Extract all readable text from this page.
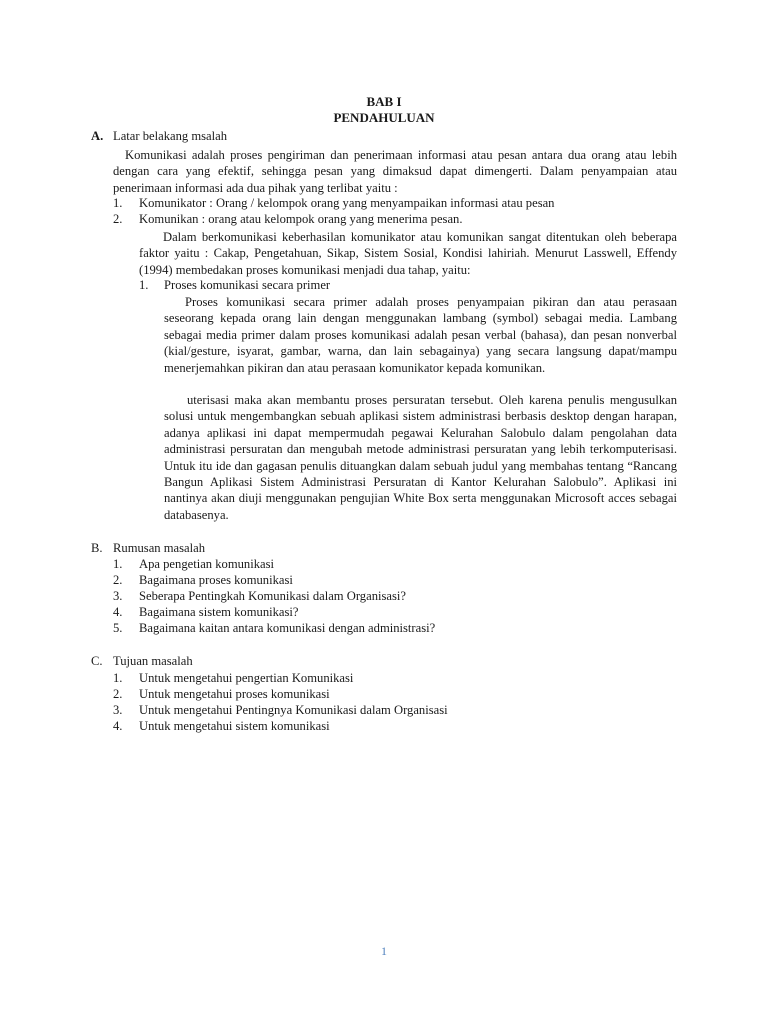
BAB I
PENDAHULUAN
A. Latar belakang msalah
Komunikasi adalah proses pengiriman dan penerimaan informasi atau pesan antara dua orang atau lebih dengan cara yang efektif, sehingga pesan yang dimaksud dapat dimengerti. Dalam penyampaian atau penerimaan informasi ada dua pihak yang terlibat yaitu :
1. Komunikator : Orang / kelompok orang yang menyampaikan informasi atau pesan
2. Komunikan : orang atau kelompok orang yang menerima pesan.
Dalam berkomunikasi keberhasilan komunikator atau komunikan sangat ditentukan oleh beberapa faktor yaitu : Cakap, Pengetahuan, Sikap, Sistem Sosial, Kondisi lahiriah. Menurut Lasswell, Effendy (1994) membedakan proses komunikasi menjadi dua tahap, yaitu:
1. Proses komunikasi secara primer
Proses komunikasi secara primer adalah proses penyampaian pikiran dan atau perasaan seseorang kepada orang lain dengan menggunakan lambang (symbol) sebagai media. Lambang sebagai media primer dalam proses komunikasi adalah pesan verbal (bahasa), dan pesan nonverbal (kial/gesture, isyarat, gambar, warna, dan lain sebagainya) yang secara langsung dapat/mampu menerjemahkan pikiran dan atau perasaan komunikator kepada komunikan.
uterisasi maka akan membantu proses persuratan tersebut. Oleh karena penulis mengusulkan solusi untuk mengembangkan sebuah aplikasi sistem administrasi berbasis desktop dengan harapan, adanya aplikasi ini dapat mempermudah pegawai Kelurahan Salobulo dalam pengolahan data administrasi persuratan dan mengubah metode administrasi persuratan yang lebih terkomputerisasi. Untuk itu ide dan gagasan penulis dituangkan dalam sebuah judul yang membahas tentang “Rancang Bangun Aplikasi Sistem Administrasi Persuratan di Kantor Kelurahan Salobulo”. Aplikasi ini nantinya akan diuji menggunakan pengujian White Box serta menggunakan Microsoft acces sebagai databasenya.
B. Rumusan masalah
1. Apa pengetian komunikasi
2. Bagaimana proses komunikasi
3. Seberapa Pentingkah Komunikasi dalam Organisasi?
4. Bagaimana sistem komunikasi?
5. Bagaimana kaitan antara komunikasi dengan administrasi?
C. Tujuan masalah
1. Untuk mengetahui pengertian Komunikasi
2. Untuk mengetahui proses komunikasi
3. Untuk mengetahui Pentingnya Komunikasi dalam Organisasi
4. Untuk mengetahui sistem komunikasi
1
